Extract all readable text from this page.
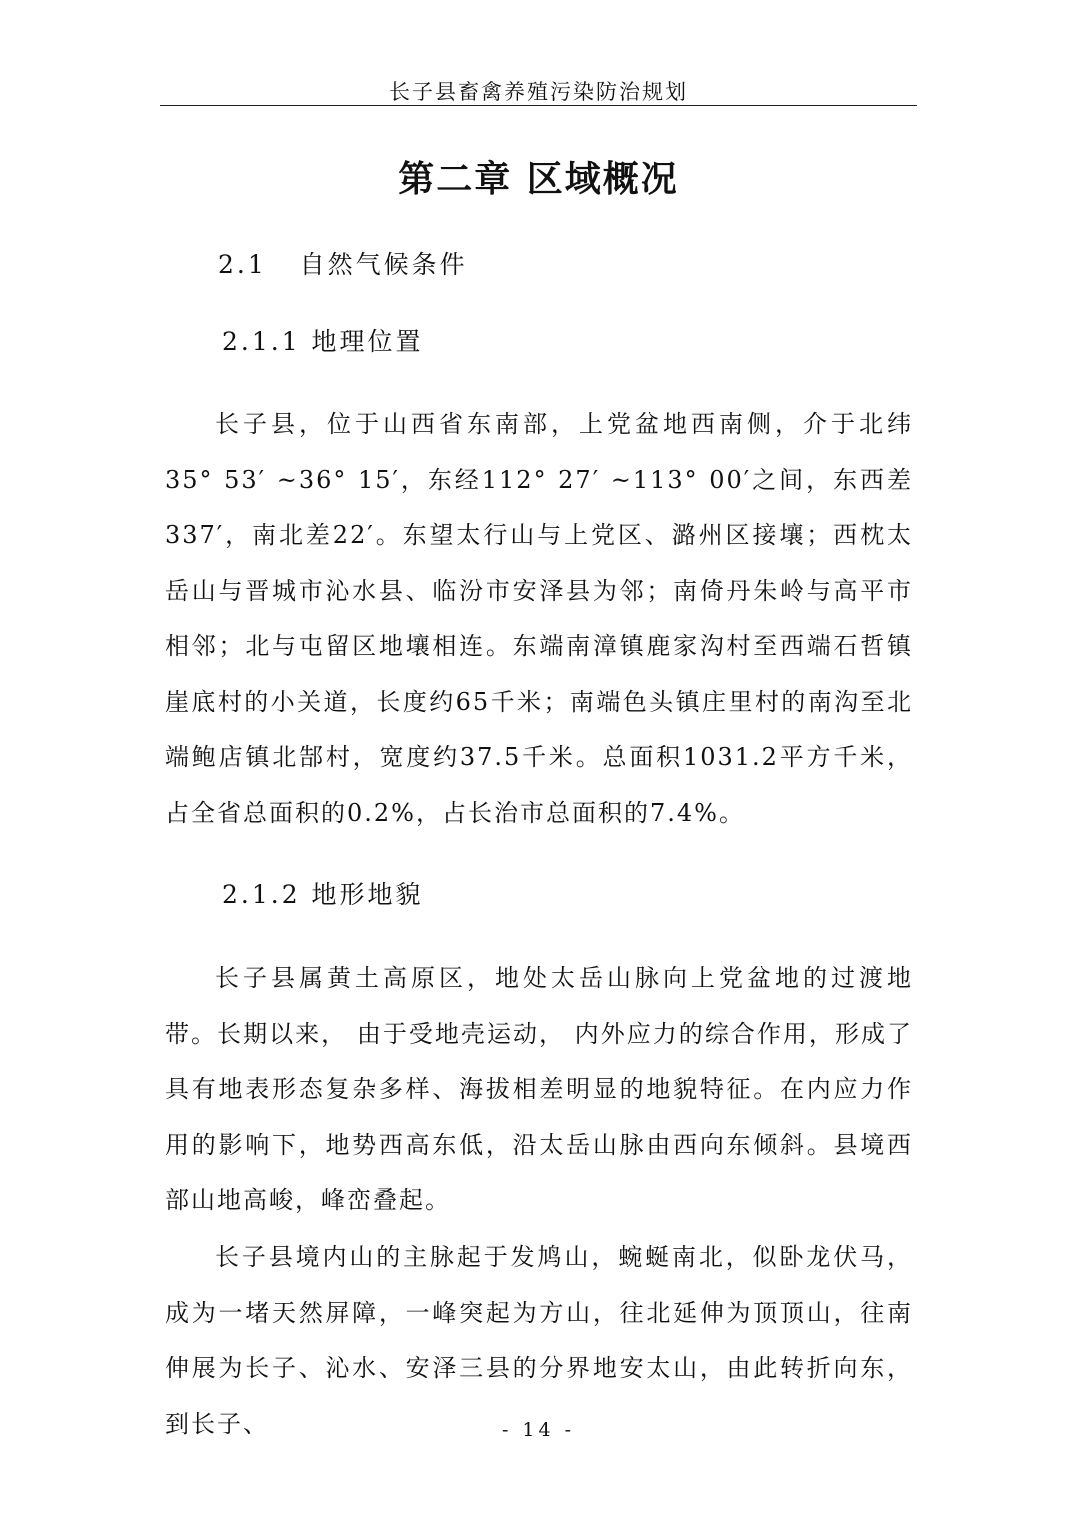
长子县畜禽养殖污染防治规划
第二章 区域概况
2.1   自然气候条件
2.1.1 地理位置

长子县，位于山西省东南部，上党盆地西南侧，介于北纬35° 53′ ~36° 15′，东经112° 27′ ~113° 00′之间，东西差337′，南北差22′。东望太行山与上党区、潞州区接壤；西枕太岳山与晋城市沁水县、临汾市安泽县为邻；南倚丹朱岭与高平市相邻；北与屯留区地壤相连。东端南漳镇鹿家沟村至西端石哲镇崖底村的小关道，长度约65千米；南端色头镇庄里村的南沟至北端鲍店镇北郜村，宽度约37.5千米。总面积1031.2平方千米，占全省总面积的0.2%，占长治市总面积的7.4%。

2.1.2 地形地貌

长子县属黄土高原区，地处太岳山脉向上党盆地的过渡地带。长期以来， 由于受地壳运动， 内外应力的综合作用，形成了具有地表形态复杂多样、海拔相差明显的地貌特征。在内应力作用的影响下，地势西高东低，沿太岳山脉由西向东倾斜。县境西部山地高峻，峰峦叠起。

长子县境内山的主脉起于发鸠山，蜿蜒南北，似卧龙伏马，成为一堵天然屏障，一峰突起为方山，往北延伸为顶顶山，往南伸展为长子、沁水、安泽三县的分界地安太山，由此转折向东，到长子、	- 14 -
